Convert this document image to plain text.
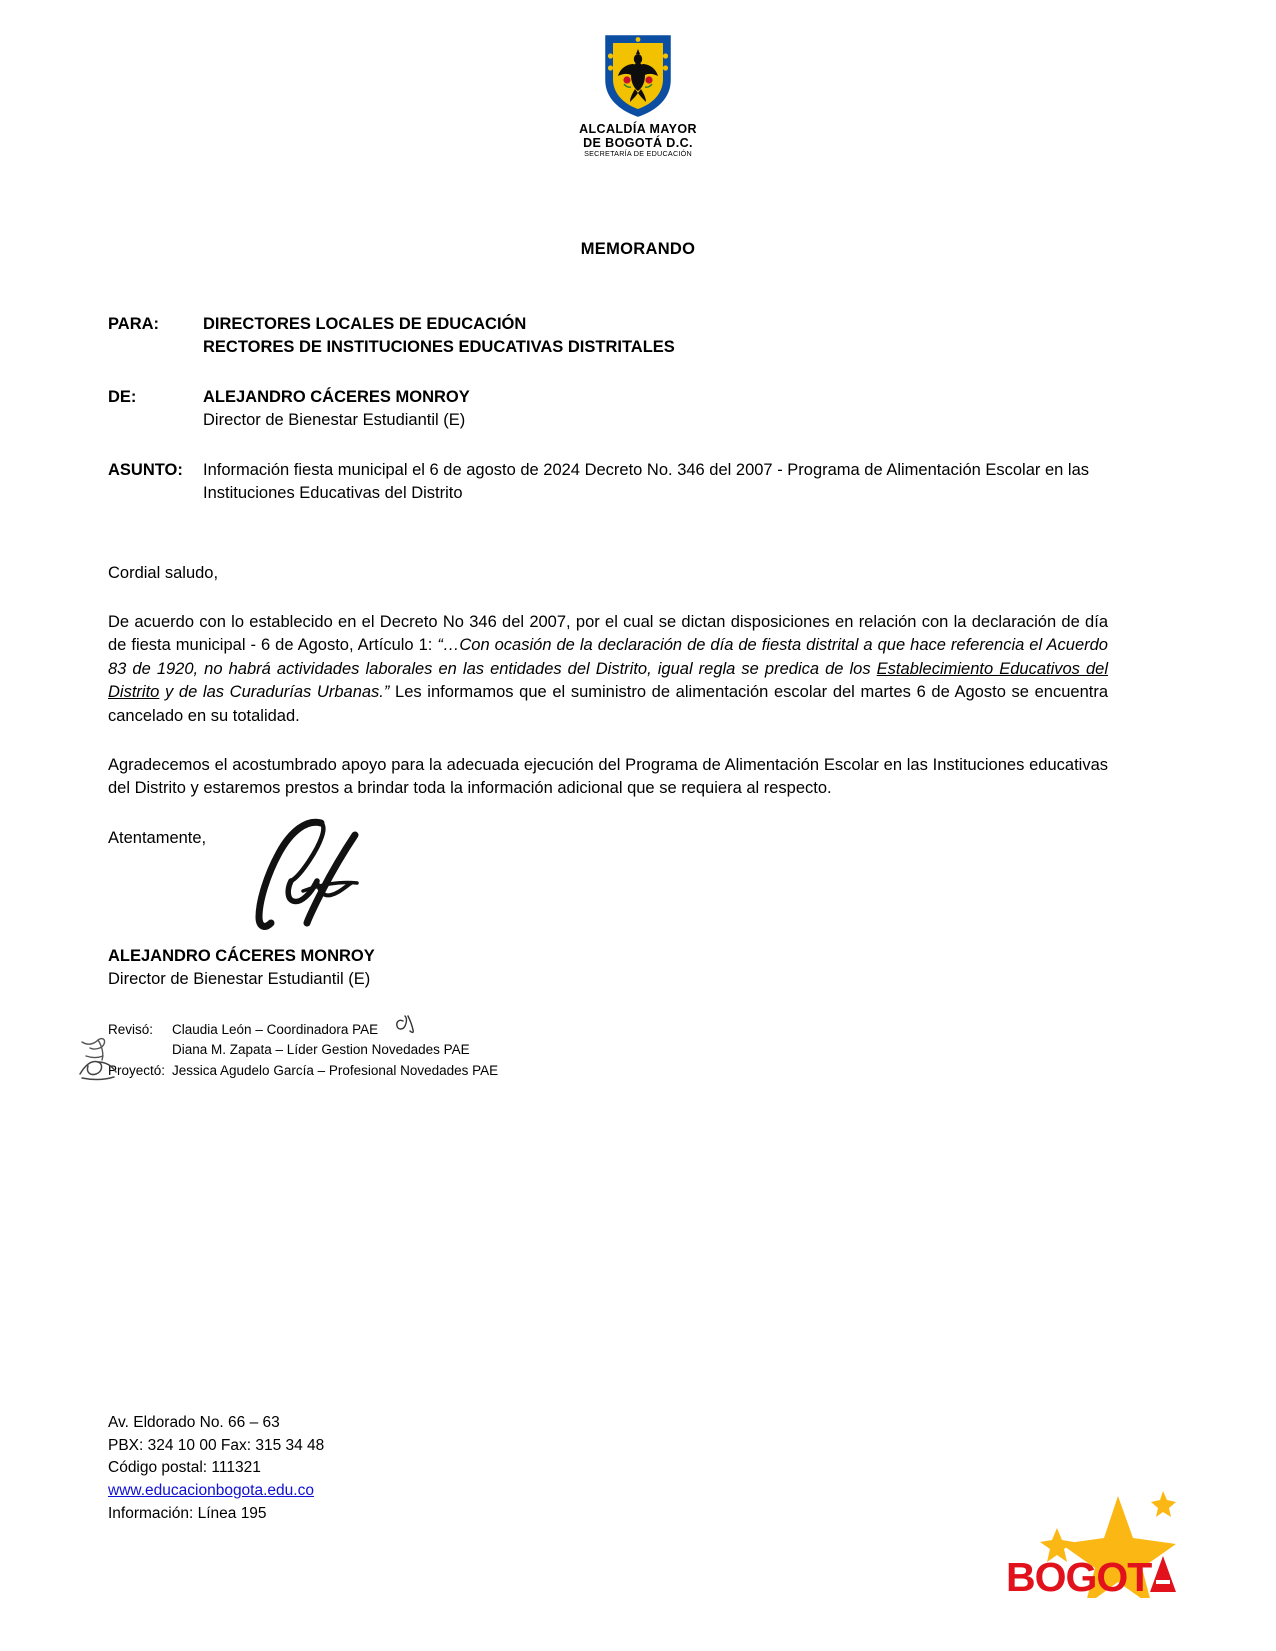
ALCALDÍA MAYOR
DE BOGOTÁ D.C.
SECRETARÍA DE EDUCACIÓN
MEMORANDO
PARA:	DIRECTORES LOCALES DE EDUCACIÓN
RECTORES DE INSTITUCIONES EDUCATIVAS DISTRITALES
DE:	ALEJANDRO CÁCERES MONROY
Director de Bienestar Estudiantil (E)
ASUNTO:	Información fiesta municipal el 6 de agosto de 2024 Decreto No. 346 del 2007 - Programa de Alimentación Escolar en las Instituciones Educativas del Distrito

Cordial saludo,

De acuerdo con lo establecido en el Decreto No 346 del 2007, por el cual se dictan disposiciones en relación con la declaración de día de fiesta municipal - 6 de Agosto, Artículo 1: “…Con ocasión de la declaración de día de fiesta distrital a que hace referencia el Acuerdo 83 de 1920, no habrá actividades laborales en las entidades del Distrito, igual regla se predica de los Establecimiento Educativos del Distrito y de las Curadurías Urbanas.” Les informamos que el suministro de alimentación escolar del martes 6 de Agosto se encuentra cancelado en su totalidad.

Agradecemos el acostumbrado apoyo para la adecuada ejecución del Programa de Alimentación Escolar en las Instituciones educativas del Distrito y estaremos prestos a brindar toda la información adicional que se requiera al respecto.

Atentamente,
ALEJANDRO CÁCERES MONROY
Director de Bienestar Estudiantil (E)
Revisó:	Claudia León – Coordinadora PAE
Diana M. Zapata – Líder Gestion Novedades PAE
Proyectó: Jessica Agudelo García – Profesional Novedades PAE
Av. Eldorado No. 66 – 63
PBX: 324 10 00 Fax: 315 34 48
Código postal: 111321
www.educacionbogota.edu.co
Información: Línea 195
BOGOT
